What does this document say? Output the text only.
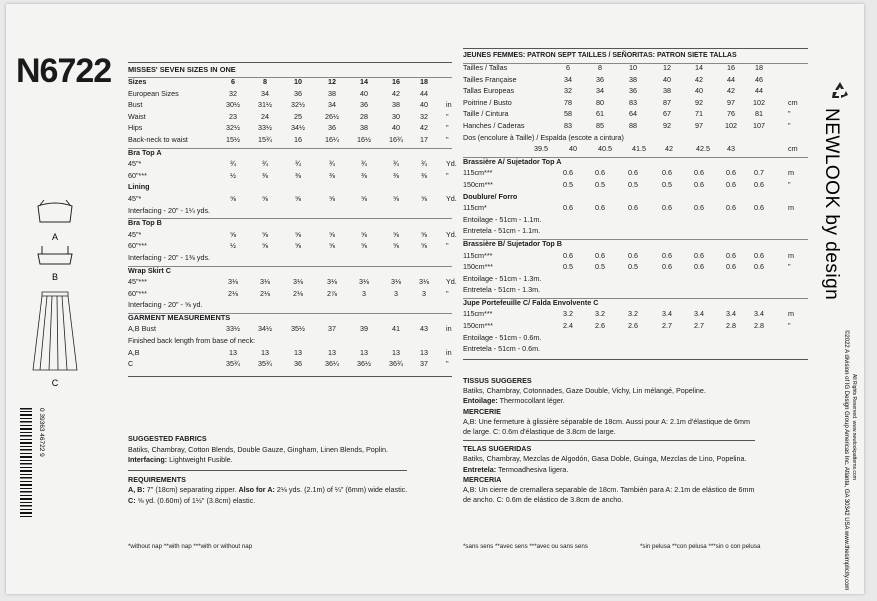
N6722
A
B
C
0 39363 46722 9
NEWLOOK by design
©2022 A division of IG Design Group Americas Inc. Atlanta, GA 30342 USA www.thesimplicity.com All Rights Reserved. www.newlookpatterns.com
MISSES' SEVEN SIZES IN ONE
Sizes	6	8	10	12	14	16	18
European Sizes	32	34	36	38	40	42	44
Bust	30½	31½	32½	34	36	38	40	in
Waist	23	24	25	26½	28	30	32	"
Hips	32½	33½	34½	36	38	40	42	"
Back-neck to waist	15½	15¾	16	16¼	16½	16¾	17	"
Bra Top A
45"*	¾	¾	¾	¾	¾	¾	¾	Yd.
60"***	½	⅜	⅜	⅜	⅜	⅜	⅜	"
Lining
45"*	⅝	⅝	⅝	⅝	⅝	⅝	⅝	Yd.
Interfacing - 20" - 1¼ yds.
Bra Top B
45"*	⅝	⅝	⅝	⅝	⅝	⅝	⅝	Yd.
60"***	½	⅝	⅝	⅝	⅝	⅝	⅝	"
Interfacing - 20" - 1⅜ yds.
Wrap Skirt C
45"***	3⅛	3⅛	3⅛	3⅛	3⅛	3⅛	3⅛	Yd.
60"***	2⅛	2⅛	2⅛	2⅞	3	3	3	"
Interfacing - 20" - ⅝ yd.
GARMENT MEASUREMENTS
A,B Bust	33½	34½	35½	37	39	41	43	in
Finished back length from base of neck:
A,B	13	13	13	13	13	13	13	in
C	35¾	35¾	36	36¼	36½	36¾	37	"
SUGGESTED FABRICS
Batiks, Chambray, Cotton Blends, Double Gauze, Gingham, Linen Blends, Poplin.
Interfacing: Lightweight Fusible.
REQUIREMENTS
A, B: 7" (18cm) separating zipper. Also for A: 2⅛ yds. (2.1m) of ¼" (6mm) wide elastic.
C: ⅝ yd. (0.60m) of 1½" (3.8cm) elastic.
*without nap **with nap ***with or without nap
JEUNES FEMMES: PATRON SEPT TAILLES / SEÑORITAS: PATRON SIETE TALLAS
Tailles / Tallas	6	8	10	12	14	16	18
Tailles Française	34	36	38	40	42	44	46
Tallas Europeas	32	34	36	38	40	42	44
Poitrine / Busto	78	80	83	87	92	97	102	cm
Taille / Cintura	58	61	64	67	71	76	81	"
Hanches / Caderas	83	85	88	92	97	102	107	"
Dos (encolure à Taille) / Espalda (escote a cintura)
39.5	40	40.5	41.5	42	42.5	43	cm
Brassière A/ Sujetador Top A
115cm***	0.6	0.6	0.6	0.6	0.6	0.6	0.7	m
150cm***	0.5	0.5	0.5	0.5	0.6	0.6	0.6	"
Doublure/ Forro
115cm*	0.6	0.6	0.6	0.6	0.6	0.6	0.6	m
Entoilage - 51cm - 1.1m.
Entretela - 51cm - 1.1m.
Brassière B/ Sujetador Top B
115cm***	0.6	0.6	0.6	0.6	0.6	0.6	0.6	m
150cm***	0.5	0.5	0.5	0.6	0.6	0.6	0.6	"
Entoilage - 51cm - 1.3m.
Entretela - 51cm - 1.3m.
Jupe Portefeuille C/ Falda Envolvente C
115cm***	3.2	3.2	3.2	3.4	3.4	3.4	3.4	m
150cm***	2.4	2.6	2.6	2.7	2.7	2.8	2.8	"
Entoilage - 51cm - 0.6m.
Entretela - 51cm - 0.6m.
TISSUS SUGGERES
Batiks, Chambray, Cotonnades, Gaze Double, Vichy, Lin mélangé, Popeline.
Entoilage: Thermocollant léger.
MERCERIE
A,B: Une fermeture à glissière séparable de 18cm. Aussi pour A: 2.1m d'élastique de 6mm
de large. C: 0.6m d'élastique de 3.8cm de large.
TELAS SUGERIDAS
Batiks, Chambray, Mezclas de Algodón, Gasa Doble, Guinga, Mezclas de Lino, Popelina.
Entretela: Termoadhesiva ligera.
MERCERIA
A,B: Un cierre de cremallera separable de 18cm. También para A: 2.1m de elástico de 6mm
de ancho. C: 0.6m de elástico de 3.8cm de ancho.
*sans sens **avec sens ***avec ou sans sens	*sin pelusa **con pelusa ***sin o con pelusa
